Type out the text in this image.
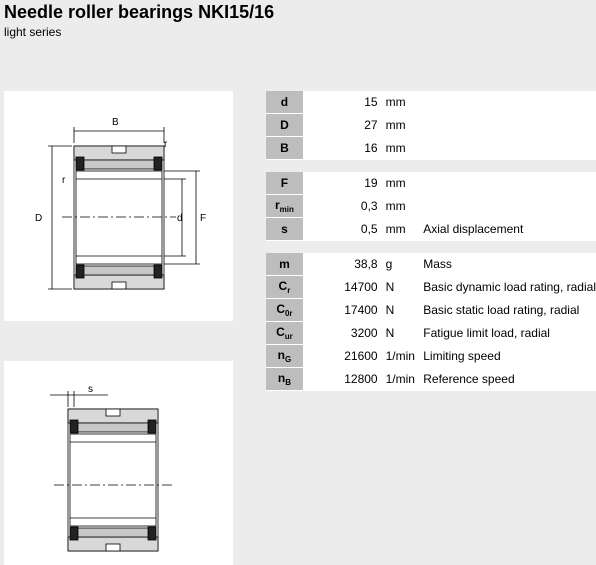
Needle roller bearings NKI15/16
light series
B
r
r
D	d F
s
d	15	mm	
D	27	mm	
B	16	mm	

F	19	mm	
$r_{min}$	0,3	mm	
s	0,5	mm	Axial displacement

m	38,8	g	Mass
$C_r$	14700	N	Basic dynamic load rating, radial
$C_{0r}$	17400	N	Basic static load rating, radial
$C_{ur}$	3200	N	Fatigue limit load, radial
$n_G$	21600	1/min	Limiting speed
$n_B$	12800	1/min	Reference speed
